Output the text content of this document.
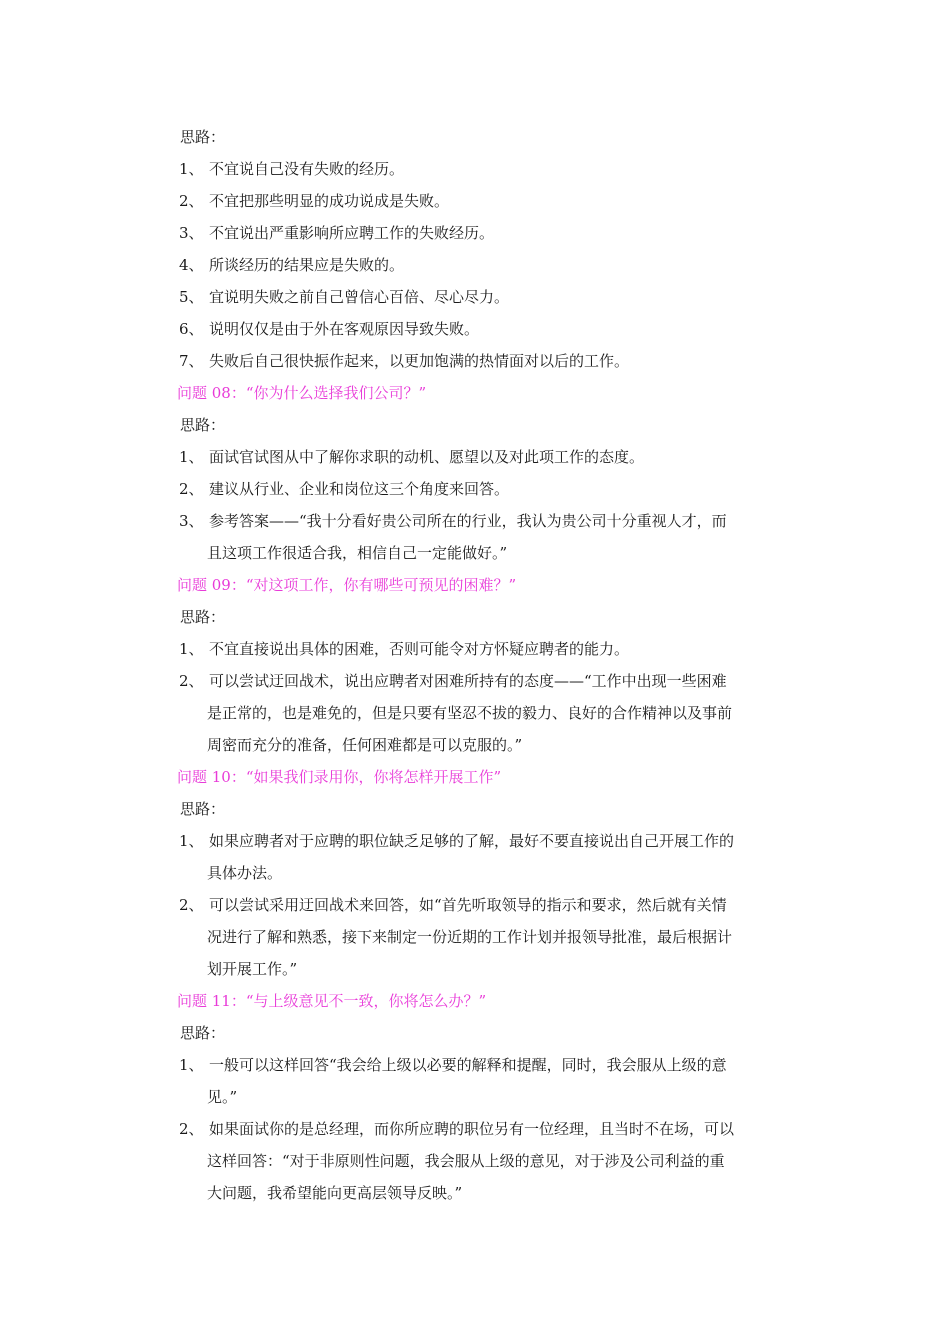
思路：
1、 不宜说自己没有失败的经历。
2、 不宜把那些明显的成功说成是失败。
3、 不宜说出严重影响所应聘工作的失败经历。
4、 所谈经历的结果应是失败的。
5、 宜说明失败之前自己曾信心百倍、尽心尽力。
6、 说明仅仅是由于外在客观原因导致失败。
7、 失败后自己很快振作起来，以更加饱满的热情面对以后的工作。
问题 08：“你为什么选择我们公司？”
思路：
1、 面试官试图从中了解你求职的动机、愿望以及对此项工作的态度。
2、 建议从行业、企业和岗位这三个角度来回答。
3、 参考答案——“我十分看好贵公司所在的行业，我认为贵公司十分重视人才，而
且这项工作很适合我，相信自己一定能做好。”
问题 09：“对这项工作，你有哪些可预见的困难？”
思路：
1、 不宜直接说出具体的困难，否则可能令对方怀疑应聘者的能力。
2、 可以尝试迂回战术，说出应聘者对困难所持有的态度——“工作中出现一些困难
是正常的，也是难免的，但是只要有坚忍不拔的毅力、良好的合作精神以及事前
周密而充分的准备，任何困难都是可以克服的。”
问题 10：“如果我们录用你，你将怎样开展工作”
思路：
1、 如果应聘者对于应聘的职位缺乏足够的了解，最好不要直接说出自己开展工作的
具体办法。
2、 可以尝试采用迂回战术来回答，如“首先听取领导的指示和要求，然后就有关情
况进行了解和熟悉，接下来制定一份近期的工作计划并报领导批准，最后根据计
划开展工作。”
问题 11：“与上级意见不一致，你将怎么办？”
思路：
1、 一般可以这样回答“我会给上级以必要的解释和提醒，同时，我会服从上级的意
见。”
2、 如果面试你的是总经理，而你所应聘的职位另有一位经理，且当时不在场，可以
这样回答：“对于非原则性问题，我会服从上级的意见，对于涉及公司利益的重
大问题，我希望能向更高层领导反映。”
